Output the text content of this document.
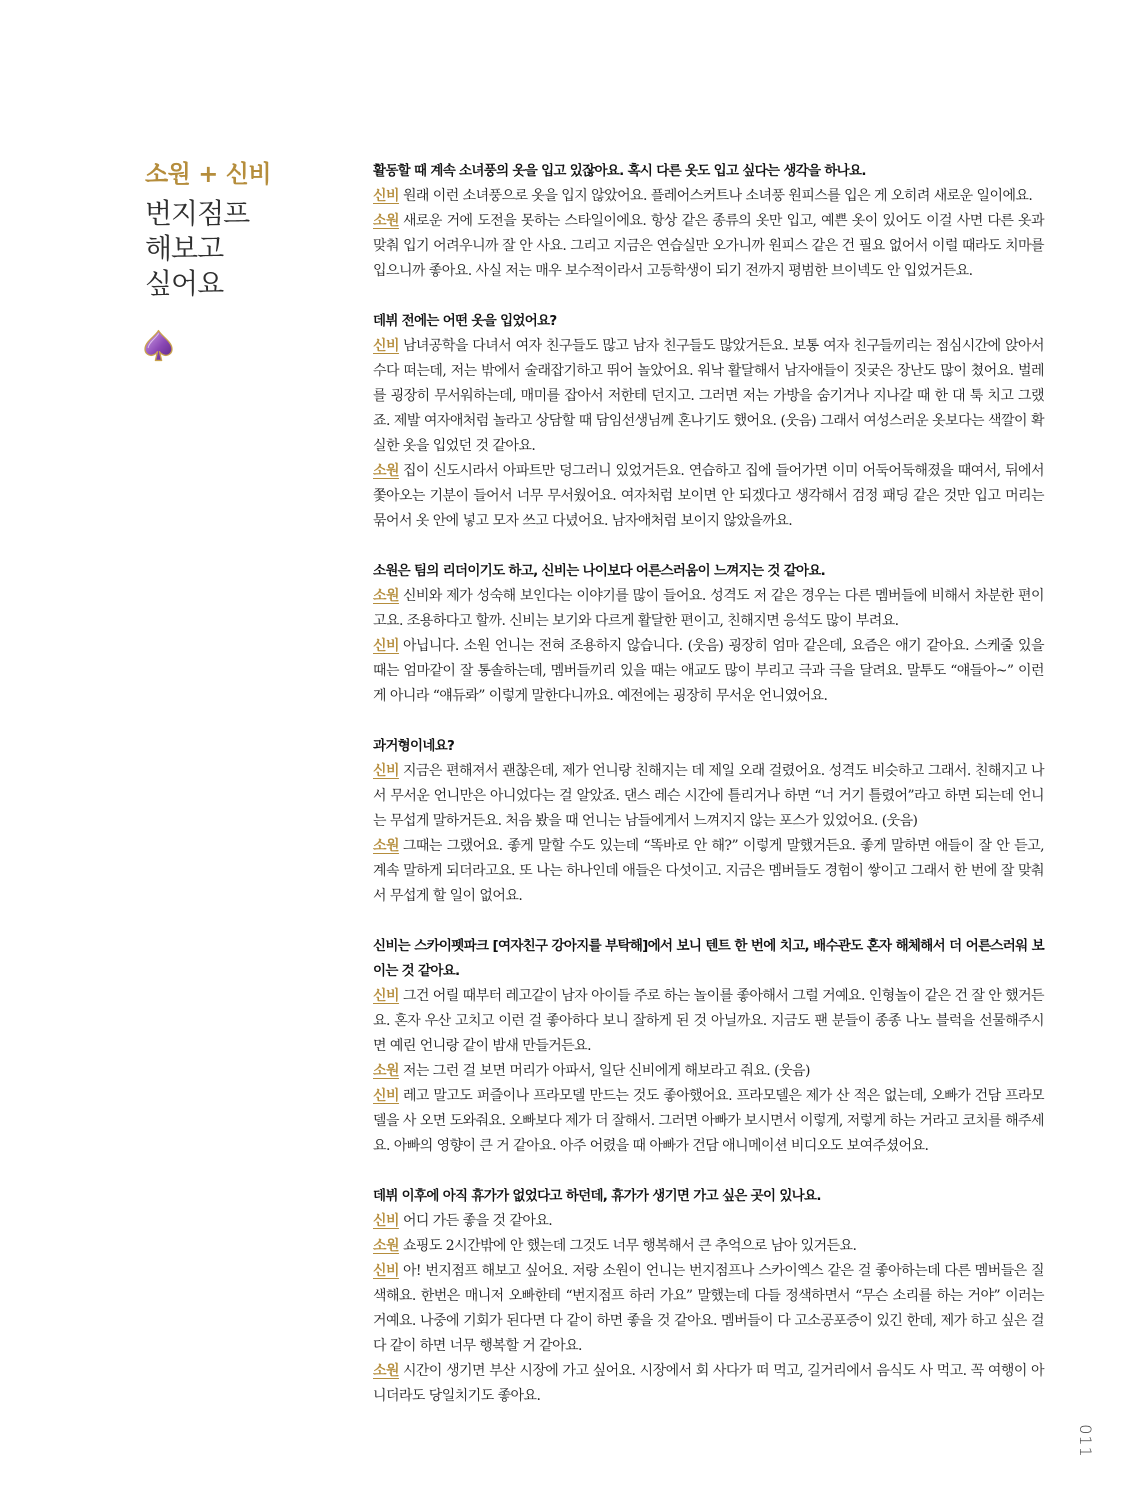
소원 + 신비
번지점프
해보고
싶어요

활동할 때 계속 소녀풍의 옷을 입고 있잖아요. 혹시 다른 옷도 입고 싶다는 생각을 하나요.

신비 원래 이런 소녀풍으로 옷을 입지 않았어요. 플레어스커트나 소녀풍 원피스를 입은 게 오히려 새로운 일이에요.

소원 새로운 거에 도전을 못하는 스타일이에요. 항상 같은 종류의 옷만 입고, 예쁜 옷이 있어도 이걸 사면 다른 옷과 맞춰 입기 어려우니까 잘 안 사요. 그리고 지금은 연습실만 오가니까 원피스 같은 건 필요 없어서 이럴 때라도 치마를 입으니까 좋아요. 사실 저는 매우 보수적이라서 고등학생이 되기 전까지 평범한 브이넥도 안 입었거든요.

데뷔 전에는 어떤 옷을 입었어요?

신비 남녀공학을 다녀서 여자 친구들도 많고 남자 친구들도 많았거든요. 보통 여자 친구들끼리는 점심시간에 앉아서 수다 떠는데, 저는 밖에서 술래잡기하고 뛰어 놀았어요. 워낙 활달해서 남자애들이 짓궂은 장난도 많이 쳤어요. 벌레를 굉장히 무서워하는데, 매미를 잡아서 저한테 던지고. 그러면 저는 가방을 숨기거나 지나갈 때 한 대 툭 치고 그랬죠. 제발 여자애처럼 놀라고 상담할 때 담임선생님께 혼나기도 했어요. (웃음) 그래서 여성스러운 옷보다는 색깔이 확실한 옷을 입었던 것 같아요.

소원 집이 신도시라서 아파트만 덩그러니 있었거든요. 연습하고 집에 들어가면 이미 어둑어둑해졌을 때여서, 뒤에서 쫓아오는 기분이 들어서 너무 무서웠어요. 여자처럼 보이면 안 되겠다고 생각해서 검정 패딩 같은 것만 입고 머리는 묶어서 옷 안에 넣고 모자 쓰고 다녔어요. 남자애처럼 보이지 않았을까요.

소원은 팀의 리더이기도 하고, 신비는 나이보다 어른스러움이 느껴지는 것 같아요.

소원 신비와 제가 성숙해 보인다는 이야기를 많이 들어요. 성격도 저 같은 경우는 다른 멤버들에 비해서 차분한 편이고요. 조용하다고 할까. 신비는 보기와 다르게 활달한 편이고, 친해지면 응석도 많이 부려요.

신비 아닙니다. 소원 언니는 전혀 조용하지 않습니다. (웃음) 굉장히 엄마 같은데, 요즘은 애기 같아요. 스케줄 있을 때는 엄마같이 잘 통솔하는데, 멤버들끼리 있을 때는 애교도 많이 부리고 극과 극을 달려요. 말투도 “얘들아~” 이런 게 아니라 “얘듀롸” 이렇게 말한다니까요. 예전에는 굉장히 무서운 언니였어요.

과거형이네요?

신비 지금은 편해져서 괜찮은데, 제가 언니랑 친해지는 데 제일 오래 걸렸어요. 성격도 비슷하고 그래서. 친해지고 나서 무서운 언니만은 아니었다는 걸 알았죠. 댄스 레슨 시간에 틀리거나 하면 “너 거기 틀렸어”라고 하면 되는데 언니는 무섭게 말하거든요. 처음 봤을 때 언니는 남들에게서 느껴지지 않는 포스가 있었어요. (웃음)

소원 그때는 그랬어요. 좋게 말할 수도 있는데 “똑바로 안 해?” 이렇게 말했거든요. 좋게 말하면 애들이 잘 안 듣고, 계속 말하게 되더라고요. 또 나는 하나인데 애들은 다섯이고. 지금은 멤버들도 경험이 쌓이고 그래서 한 번에 잘 맞춰서 무섭게 할 일이 없어요.

신비는 스카이펫파크 [여자친구 강아지를 부탁해]에서 보니 텐트 한 번에 치고, 배수관도 혼자 해체해서 더 어른스러워 보이는 것 같아요.

신비 그건 어릴 때부터 레고같이 남자 아이들 주로 하는 놀이를 좋아해서 그럴 거예요. 인형놀이 같은 건 잘 안 했거든요. 혼자 우산 고치고 이런 걸 좋아하다 보니 잘하게 된 것 아닐까요. 지금도 팬 분들이 종종 나노 블럭을 선물해주시면 예린 언니랑 같이 밤새 만들거든요.

소원 저는 그런 걸 보면 머리가 아파서, 일단 신비에게 해보라고 줘요. (웃음)

신비 레고 말고도 퍼즐이나 프라모델 만드는 것도 좋아했어요. 프라모델은 제가 산 적은 없는데, 오빠가 건담 프라모델을 사 오면 도와줘요. 오빠보다 제가 더 잘해서. 그러면 아빠가 보시면서 이렇게, 저렇게 하는 거라고 코치를 해주세요. 아빠의 영향이 큰 거 같아요. 아주 어렸을 때 아빠가 건담 애니메이션 비디오도 보여주셨어요.

데뷔 이후에 아직 휴가가 없었다고 하던데, 휴가가 생기면 가고 싶은 곳이 있나요.

신비 어디 가든 좋을 것 같아요.

소원 쇼핑도 2시간밖에 안 했는데 그것도 너무 행복해서 큰 추억으로 남아 있거든요.

신비 아! 번지점프 해보고 싶어요. 저랑 소원이 언니는 번지점프나 스카이엑스 같은 걸 좋아하는데 다른 멤버들은 질색해요. 한번은 매니저 오빠한테 “번지점프 하러 가요” 말했는데 다들 정색하면서 “무슨 소리를 하는 거야” 이러는 거예요. 나중에 기회가 된다면 다 같이 하면 좋을 것 같아요. 멤버들이 다 고소공포증이 있긴 한데, 제가 하고 싶은 걸 다 같이 하면 너무 행복할 거 같아요.

소원 시간이 생기면 부산 시장에 가고 싶어요. 시장에서 회 사다가 떠 먹고, 길거리에서 음식도 사 먹고. 꼭 여행이 아니더라도 당일치기도 좋아요.

011
